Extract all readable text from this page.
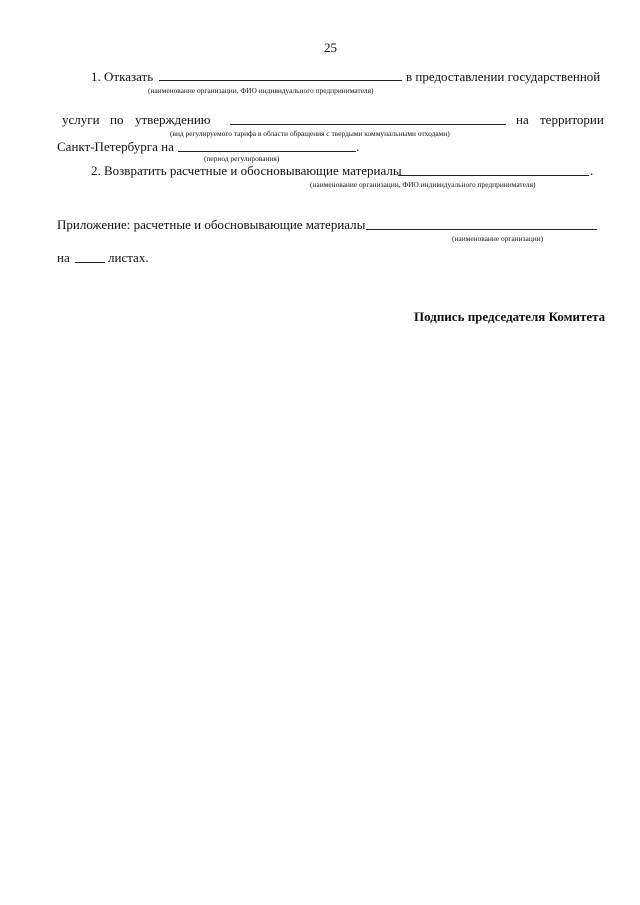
25
1. Отказать	в предоставлении государственной
(наименование организации, ФИО индивидуального предпринимателя)
услуги по утверждению	на территории
(вид регулируемого тарифа в области обращения с твердыми коммунальными отходами)
Санкт-Петербурга на	.
(период регулирования)
2. Возвратить расчетные и обосновывающие материалы	.
(наименование организации, ФИО индивидуального предпринимателя)
Приложение: расчетные и обосновывающие материалы
(наименование организации)
на	листах.
Подпись председателя Комитета
